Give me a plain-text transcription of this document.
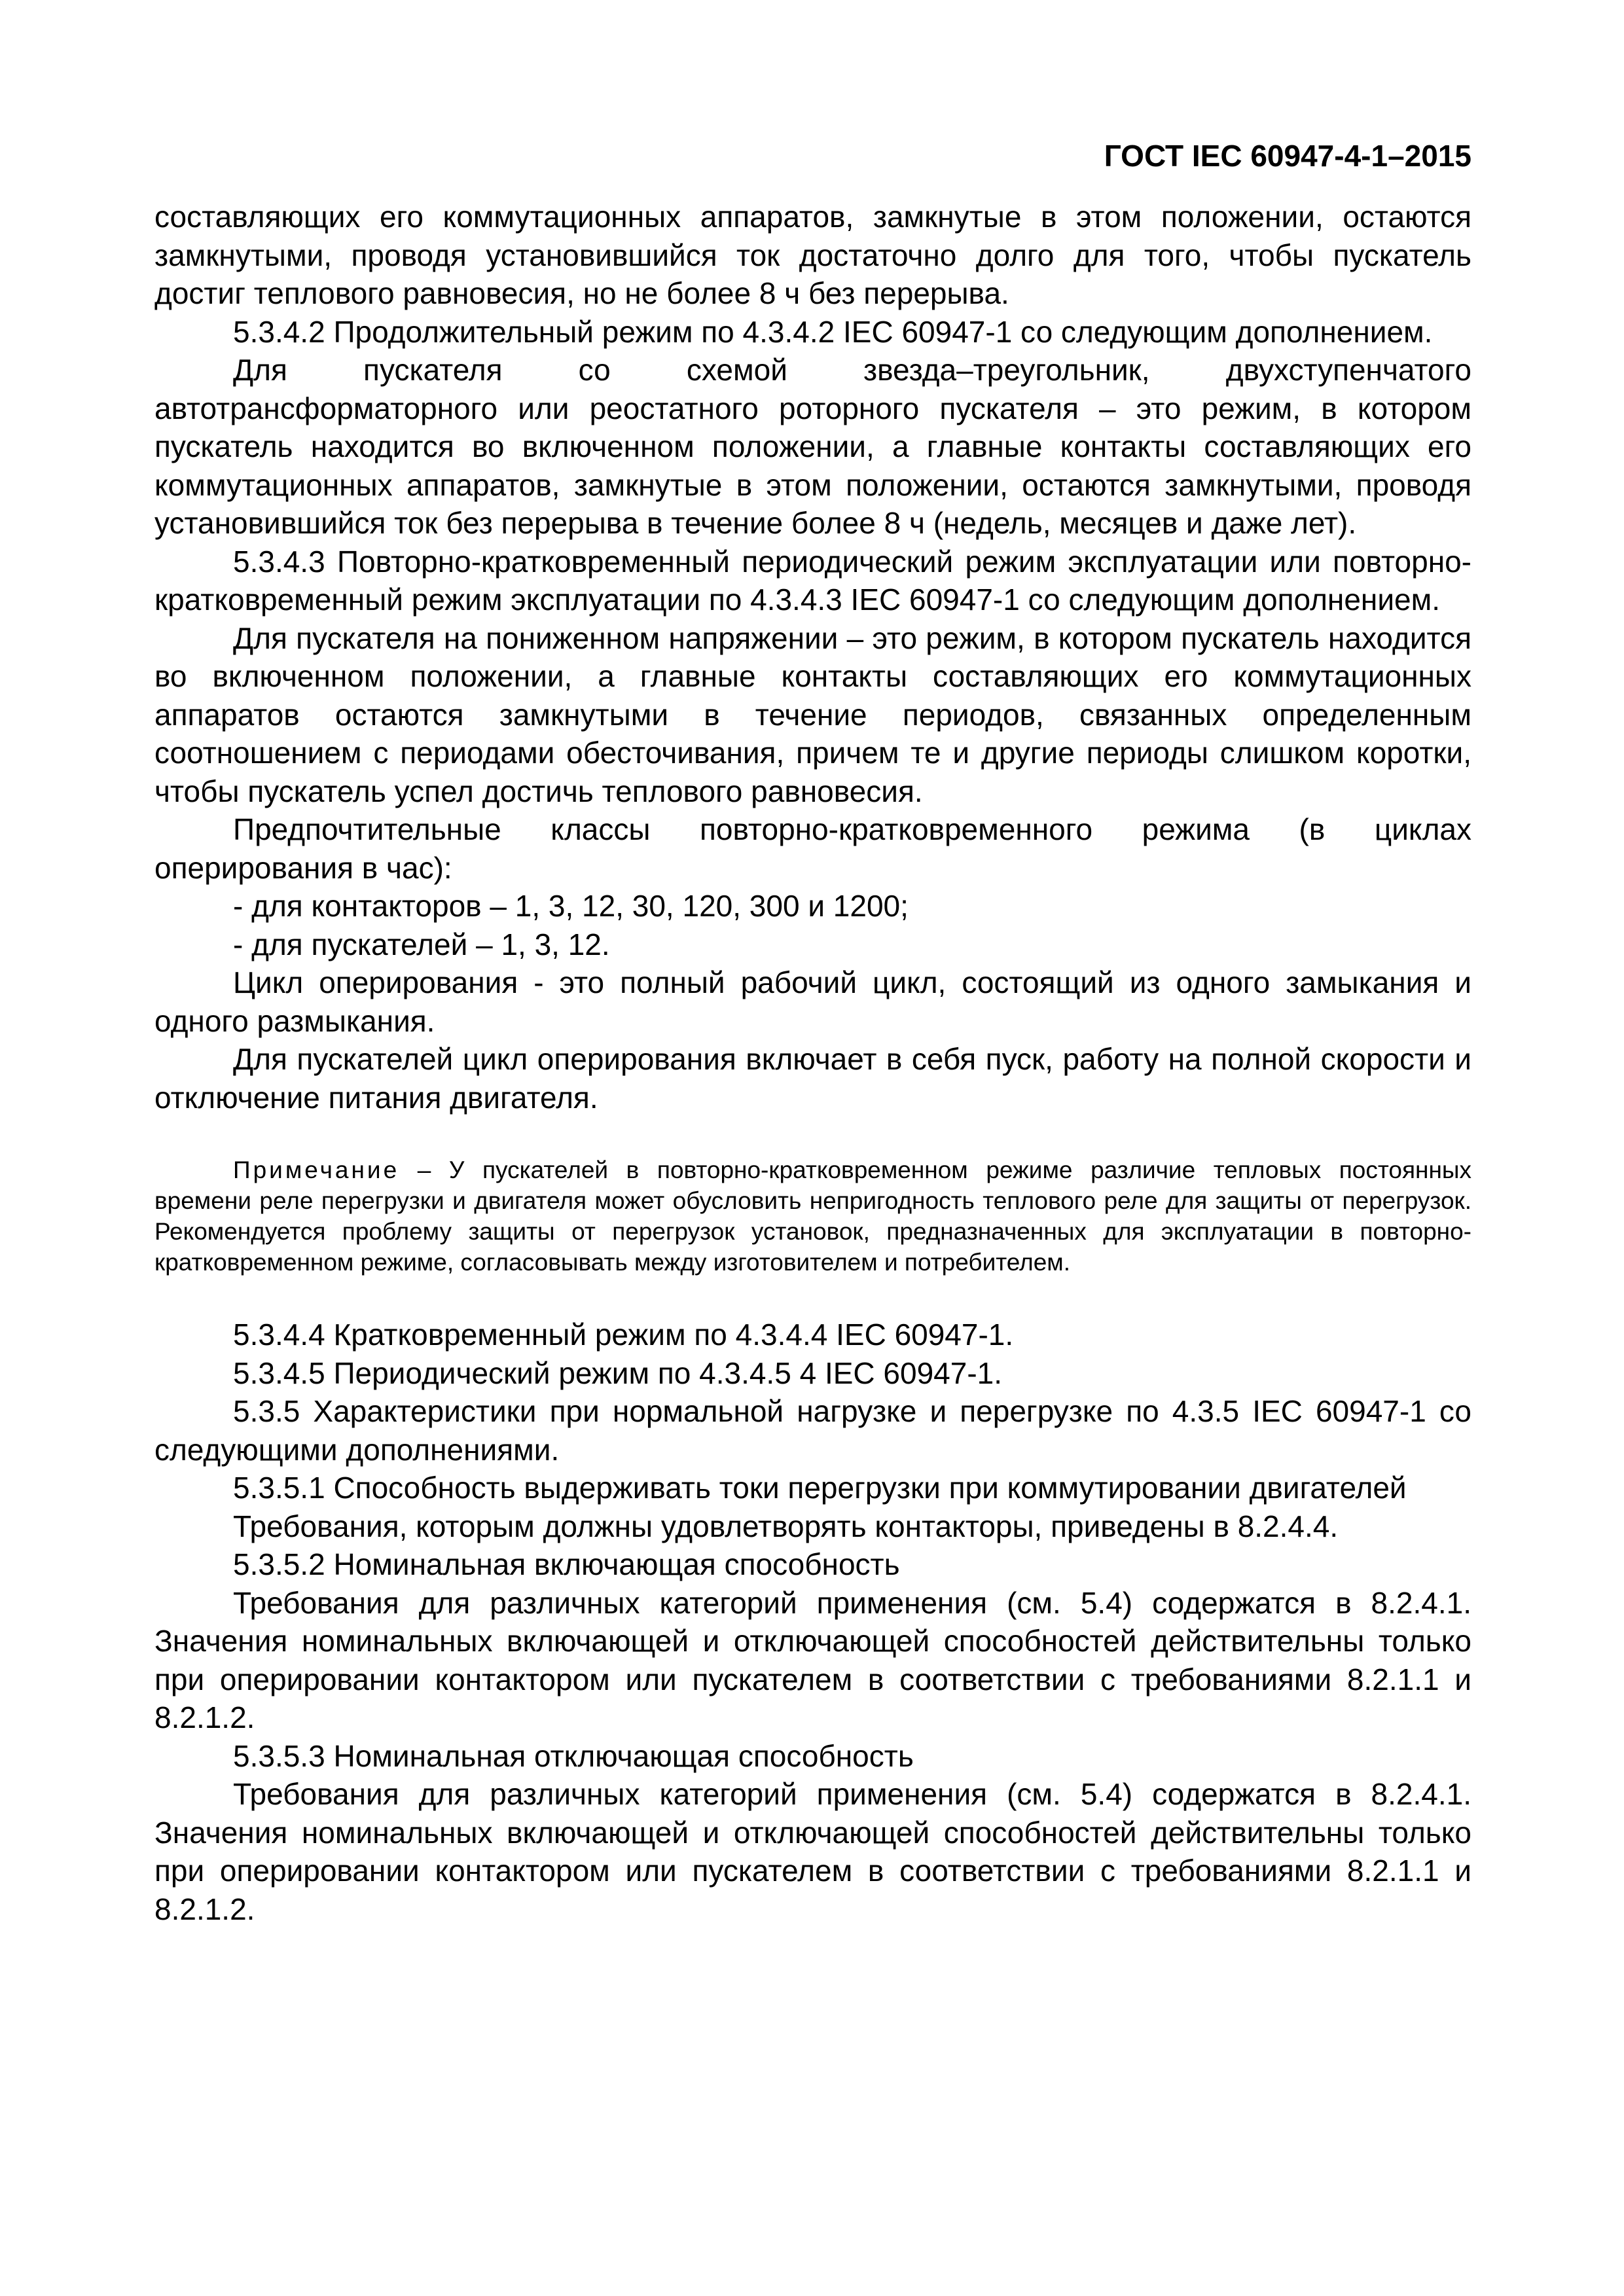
ГОСТ IEC 60947-4-1–2015

составляющих его коммутационных аппаратов, замкнутые в этом положении, остаются замкнутыми, проводя установившийся ток достаточно долго для того, чтобы пускатель достиг теплового равновесия, но не более 8 ч без перерыва.

5.3.4.2 Продолжительный режим по 4.3.4.2 IEC 60947-1 со следующим дополнением.

Для пускателя со схемой звезда–треугольник, двухступенчатого автотрансформаторного или реостатного роторного пускателя – это режим, в котором пускатель находится во включенном положении, а главные контакты составляющих его коммутационных аппаратов, замкнутые в этом положении, остаются замкнутыми, проводя установившийся ток без перерыва в течение более 8 ч (недель, месяцев и даже лет).

5.3.4.3 Повторно-кратковременный периодический режим эксплуатации или повторно-кратковременный режим эксплуатации по 4.3.4.3 IEC 60947-1 со следующим дополнением.

Для пускателя на пониженном напряжении – это режим, в котором пускатель находится во включенном положении, а главные контакты составляющих его коммутационных аппаратов остаются замкнутыми в течение периодов, связанных определенным соотношением с периодами обесточивания, причем те и другие периоды слишком коротки, чтобы пускатель успел достичь теплового равновесия.

Предпочтительные классы повторно-кратковременного режима (в циклах оперирования в час):

- для контакторов – 1, 3, 12, 30, 120, 300 и 1200;

- для пускателей – 1, 3, 12.

Цикл оперирования - это полный рабочий цикл, состоящий из одного замыкания и одного размыкания.

Для пускателей цикл оперирования включает в себя пуск, работу на полной скорости и отключение питания двигателя.

Примечание – У пускателей в повторно-кратковременном режиме различие тепловых постоянных времени реле перегрузки и двигателя может обусловить непригодность теплового реле для защиты от перегрузок. Рекомендуется проблему защиты от перегрузок установок, предназначенных для эксплуатации в повторно-кратковременном режиме, согласовывать между изготовителем и потребителем.

5.3.4.4 Кратковременный режим по 4.3.4.4 IEC 60947-1.

5.3.4.5 Периодический режим по 4.3.4.5 4 IEC 60947-1.

5.3.5 Характеристики при нормальной нагрузке и перегрузке по 4.3.5 IEC 60947-1 со следующими дополнениями.

5.3.5.1 Способность выдерживать токи перегрузки при коммутировании двигателей

Требования, которым должны удовлетворять контакторы, приведены в 8.2.4.4.

5.3.5.2 Номинальная включающая способность

Требования для различных категорий применения (см. 5.4) содержатся в 8.2.4.1. Значения номинальных включающей и отключающей способностей действительны только при оперировании контактором или пускателем в соответствии с требованиями 8.2.1.1 и 8.2.1.2.

5.3.5.3 Номинальная отключающая способность

Требования для различных категорий применения (см. 5.4) содержатся в 8.2.4.1. Значения номинальных включающей и отключающей способностей действительны только при оперировании контактором или пускателем в соответствии с требованиями 8.2.1.1 и 8.2.1.2.
